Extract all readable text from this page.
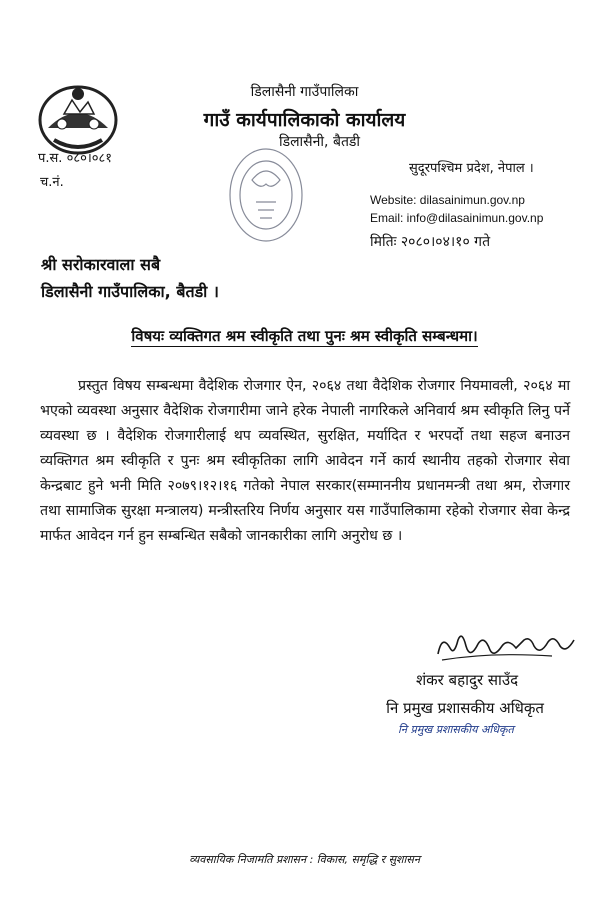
डिलासैनी गाउँपालिका
गाउँ कार्यपालिकाको कार्यालय
डिलासैनी, बैतडी
प.स. ०८०।०८१
च.नं.
सुदूरपश्चिम प्रदेश, नेपाल ।
Website: dilasainimun.gov.np
Email: info@dilasainimun.gov.np
मितिः २०८०।०४।१० गते
श्री सरोकारवाला सबै
डिलासैनी गाउँपालिका, बैतडी ।
विषयः व्यक्तिगत श्रम स्वीकृति तथा पुनः श्रम स्वीकृति सम्बन्धमा।
प्रस्तुत विषय सम्बन्धमा वैदेशिक रोजगार ऐन, २०६४ तथा वैदेशिक रोजगार नियमावली, २०६४ मा भएको व्यवस्था अनुसार वैदेशिक रोजगारीमा जाने हरेक नेपाली नागरिकले अनिवार्य श्रम स्वीकृति लिनु पर्ने व्यवस्था छ । वैदेशिक रोजगारीलाई थप व्यवस्थित, सुरक्षित, मर्यादित र भरपर्दो तथा सहज बनाउन व्यक्तिगत श्रम स्वीकृति र पुनः श्रम स्वीकृतिका लागि आवेदन गर्ने कार्य स्थानीय तहको रोजगार सेवा केन्द्रबाट हुने भनी मिति २०७९।१२।१६ गतेको नेपाल सरकार(सम्माननीय प्रधानमन्त्री तथा श्रम, रोजगार तथा सामाजिक सुरक्षा मन्त्रालय) मन्त्रीस्तरिय निर्णय अनुसार यस गाउँपालिकामा रहेको रोजगार सेवा केन्द्र मार्फत आवेदन गर्न हुन सम्बन्धित सबैको जानकारीका लागि अनुरोध छ ।
शंकर बहादुर साउँद
नि प्रमुख प्रशासकीय अधिकृत
नि प्रमुख प्रशासकीय अधिकृत
व्यवसायिक निजामति प्रशासन : विकास, समृद्धि र सुशासन
